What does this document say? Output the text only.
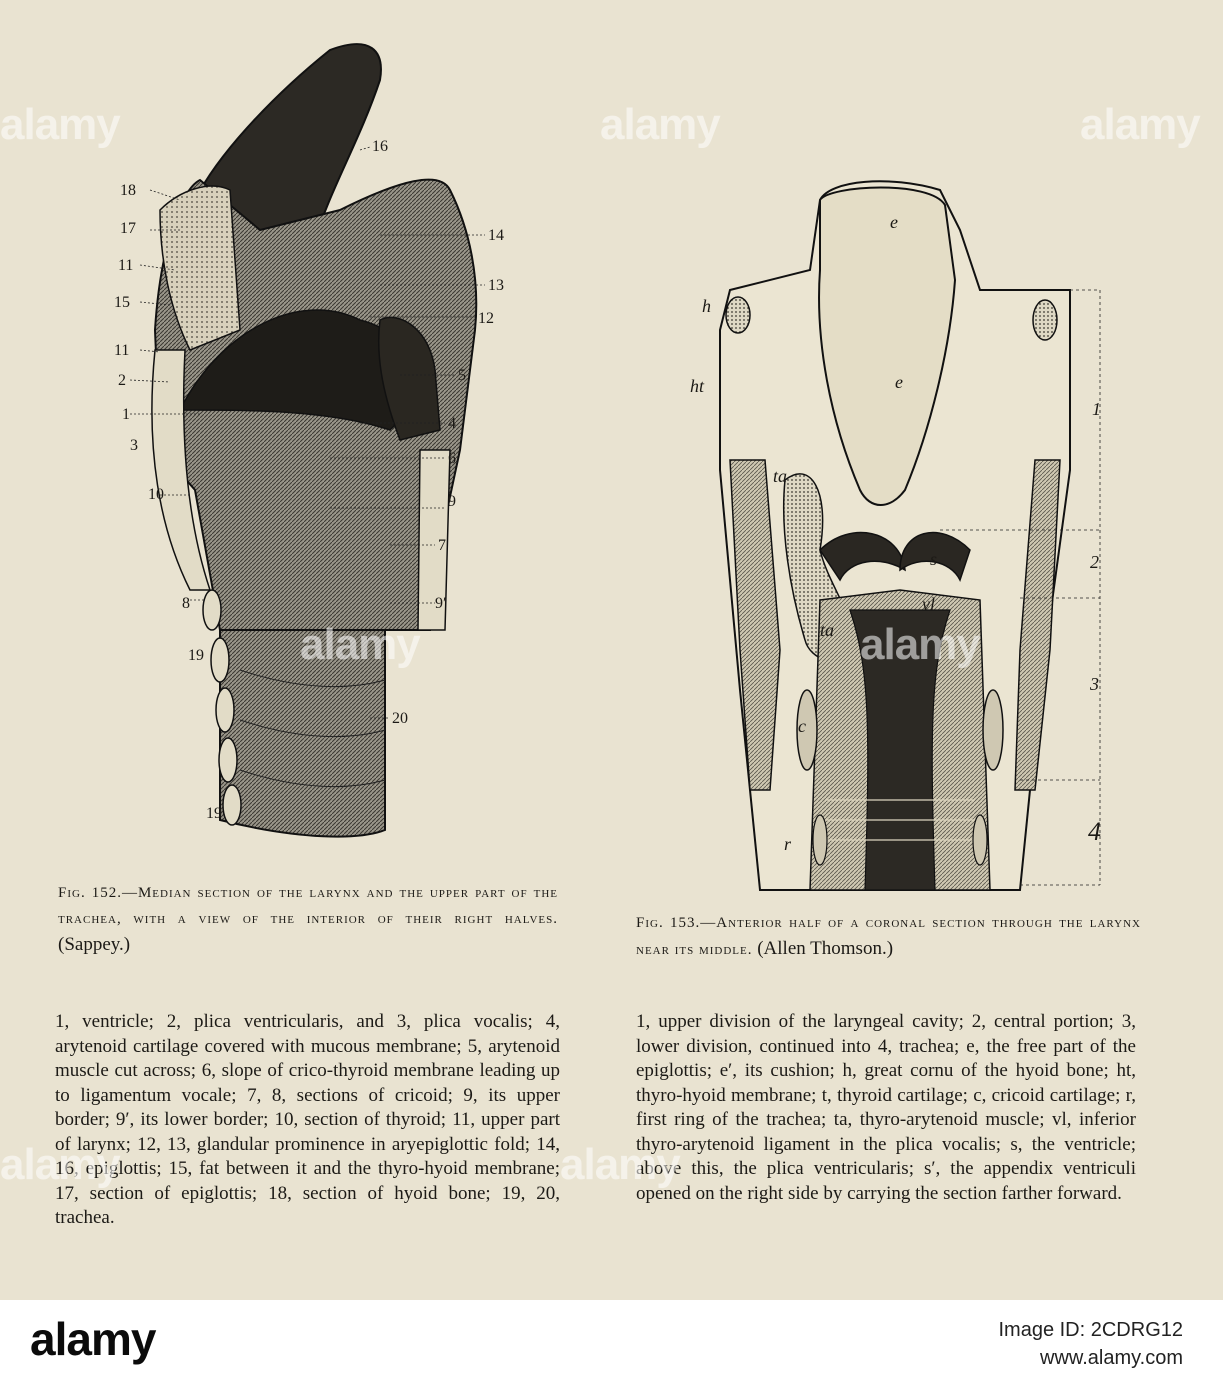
16
18
17
11
15
11
2
1
3
10
8
19
19
14
13
12
5
4
6
9
7
9′
20
e
e
h
ht
ta
ta
s
vl
c
r
1
2
3
4
Fig. 152.—Median section of the larynx and the upper part of the trachea, with a view of the interior of their right halves. (Sappey.)
Fig. 153.—Anterior half of a coronal section through the larynx near its middle. (Allen Thomson.)
1, ventricle; 2, plica ventricularis, and 3, plica vocalis; 4, arytenoid cartilage covered with mucous membrane; 5, arytenoid muscle cut across; 6, slope of crico-thyroid membrane leading up to ligamentum vocale; 7, 8, sections of cricoid; 9, its upper border; 9′, its lower border; 10, section of thyroid; 11, upper part of larynx; 12, 13, glandular prominence in aryepiglottic fold; 14, 16, epiglottis; 15, fat between it and the thyro-hyoid membrane; 17, section of epiglottis; 18, section of hyoid bone; 19, 20, trachea.
1, upper division of the laryngeal cavity; 2, central portion; 3, lower division, continued into 4, trachea; e, the free part of the epiglottis; e′, its cushion; h, great cornu of the hyoid bone; ht, thyro-hyoid membrane; t, thyroid cartilage; c, cricoid cartilage; r, first ring of the trachea; ta, thyro-arytenoid muscle; vl, inferior thyro-arytenoid ligament in the plica vocalis; s, the ventricle; above this, the plica ventricularis; s′, the appendix ventriculi opened on the right side by carrying the section farther forward.
alamy	alamy	alamy
alamy	alamy
alamy
alamy
alamy	Image ID: 2CDRG12
www.alamy.com
